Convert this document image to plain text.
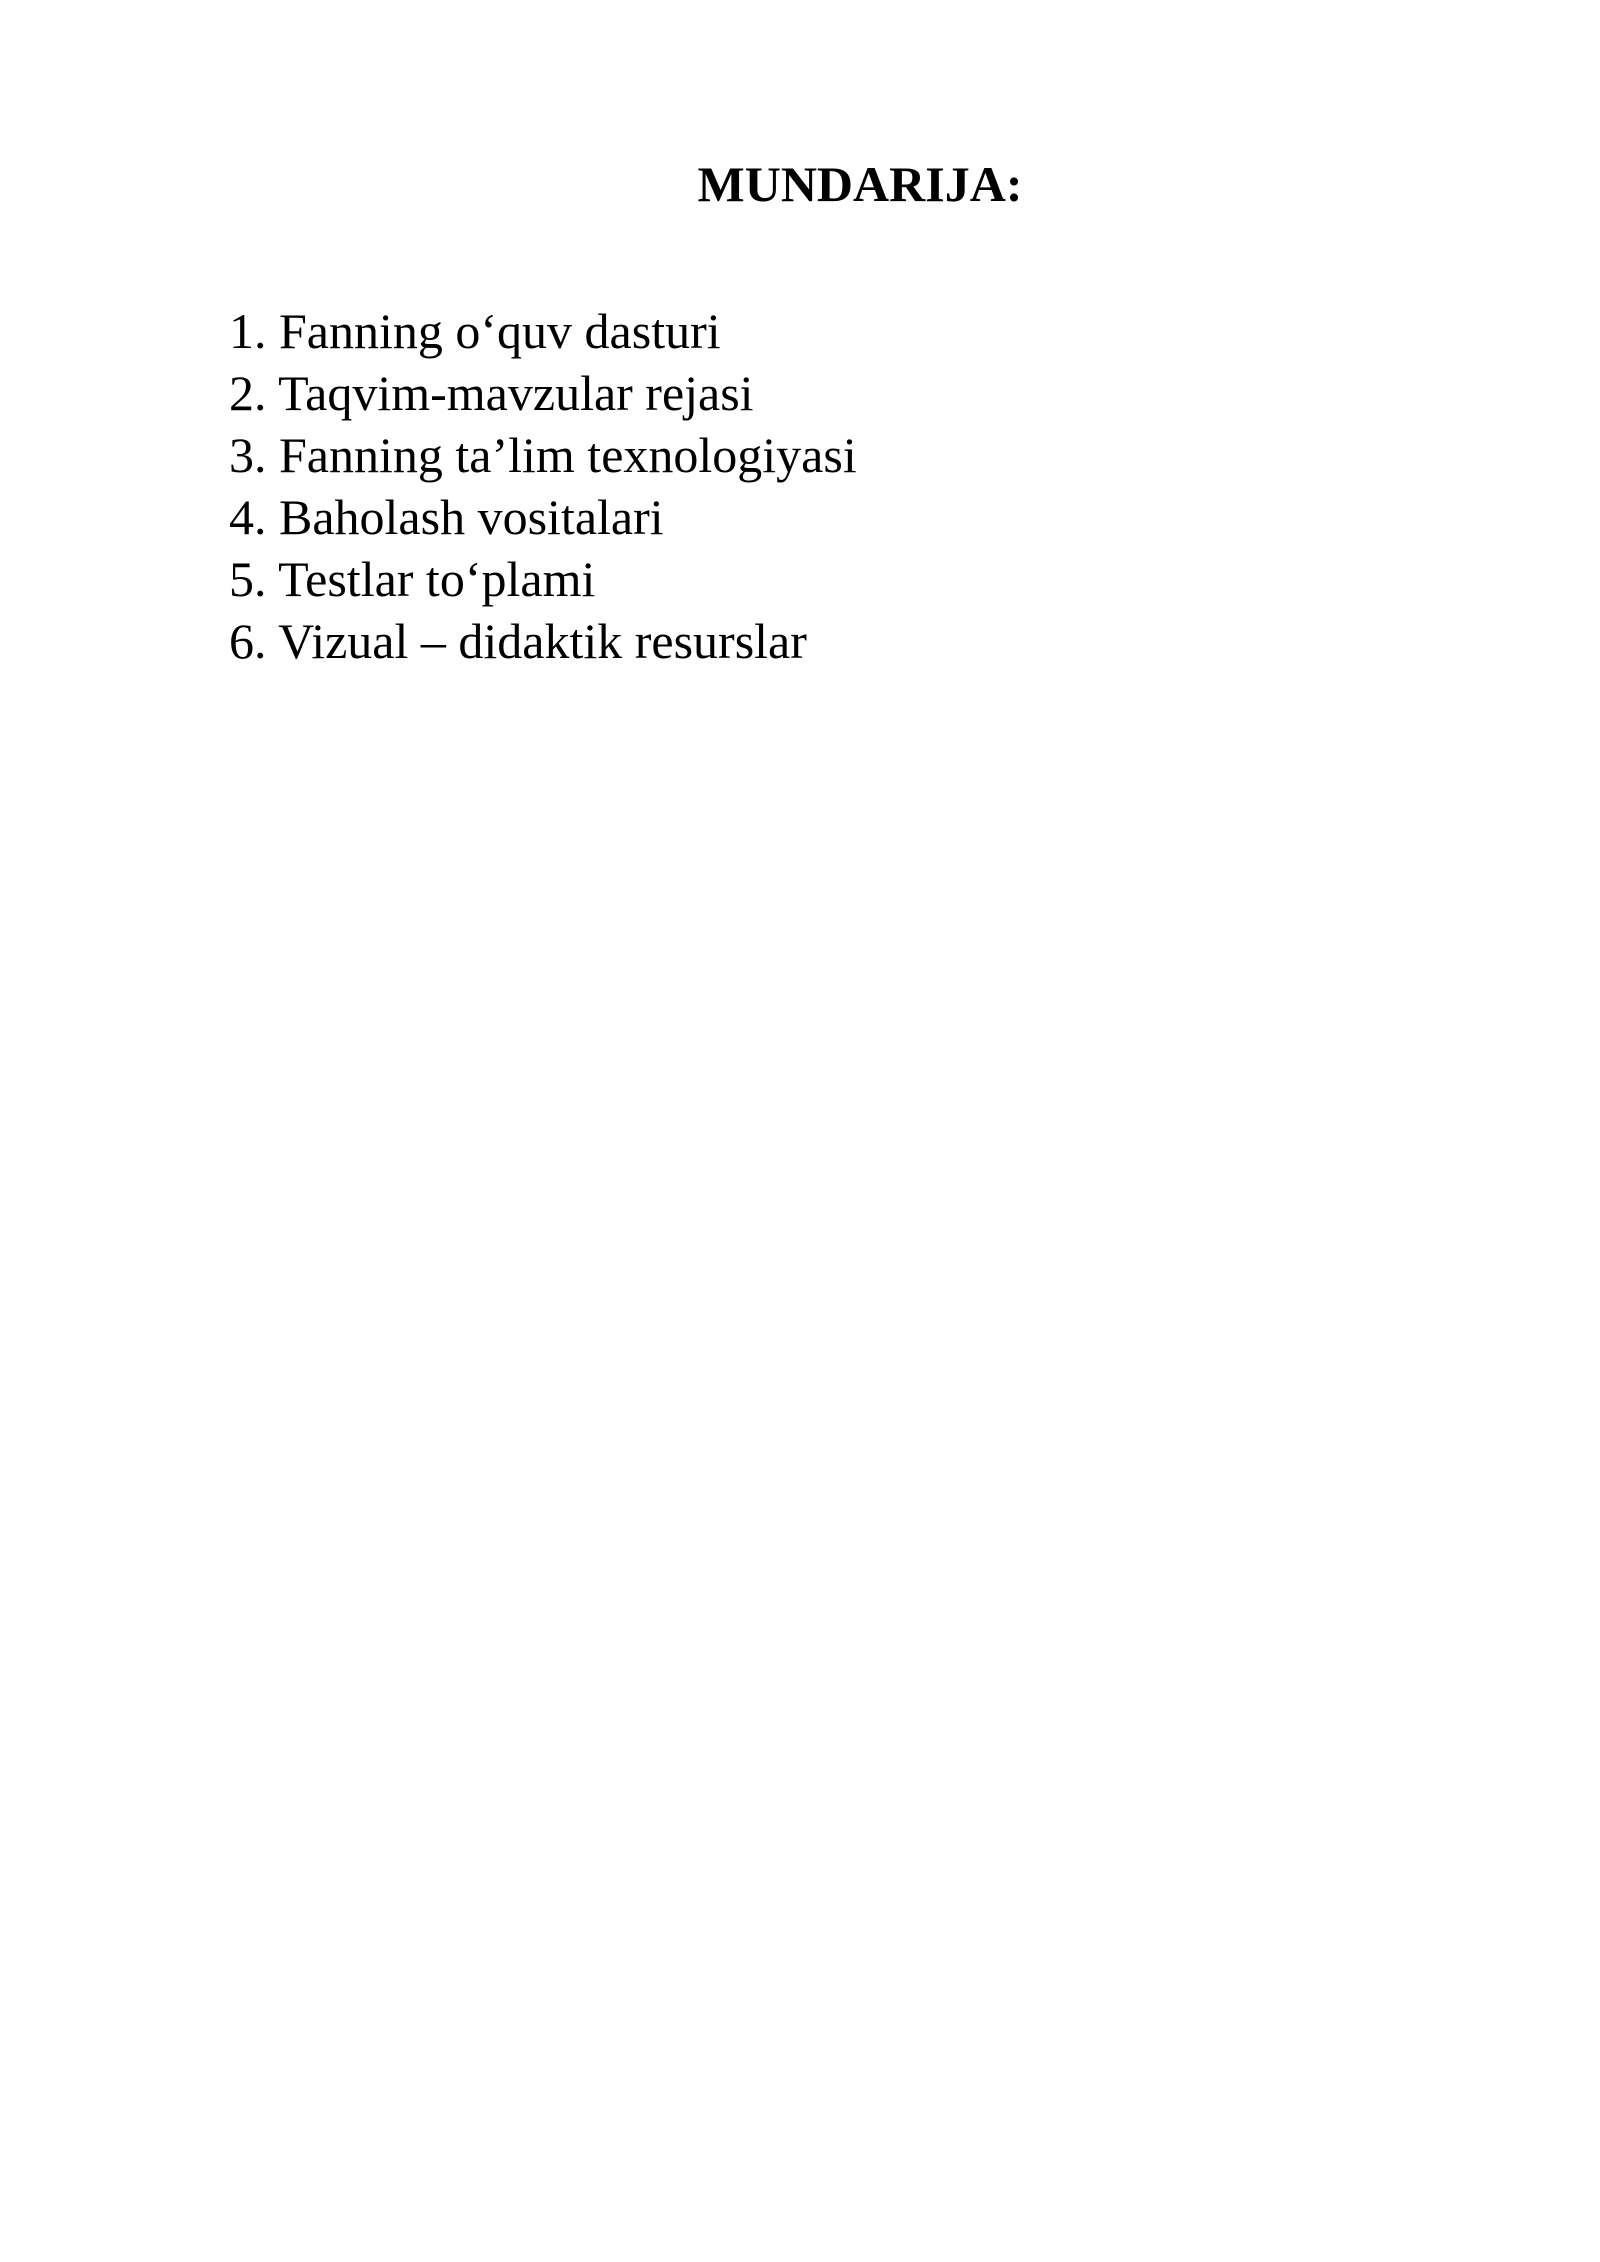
MUNDARIJA:
1. Fanning o‘quv dasturi
2. Taqvim-mavzular rejasi
3. Fanning ta’lim texnologiyasi
4. Baholash vositalari
5. Testlar to‘plami
6. Vizual – didaktik resurslar
